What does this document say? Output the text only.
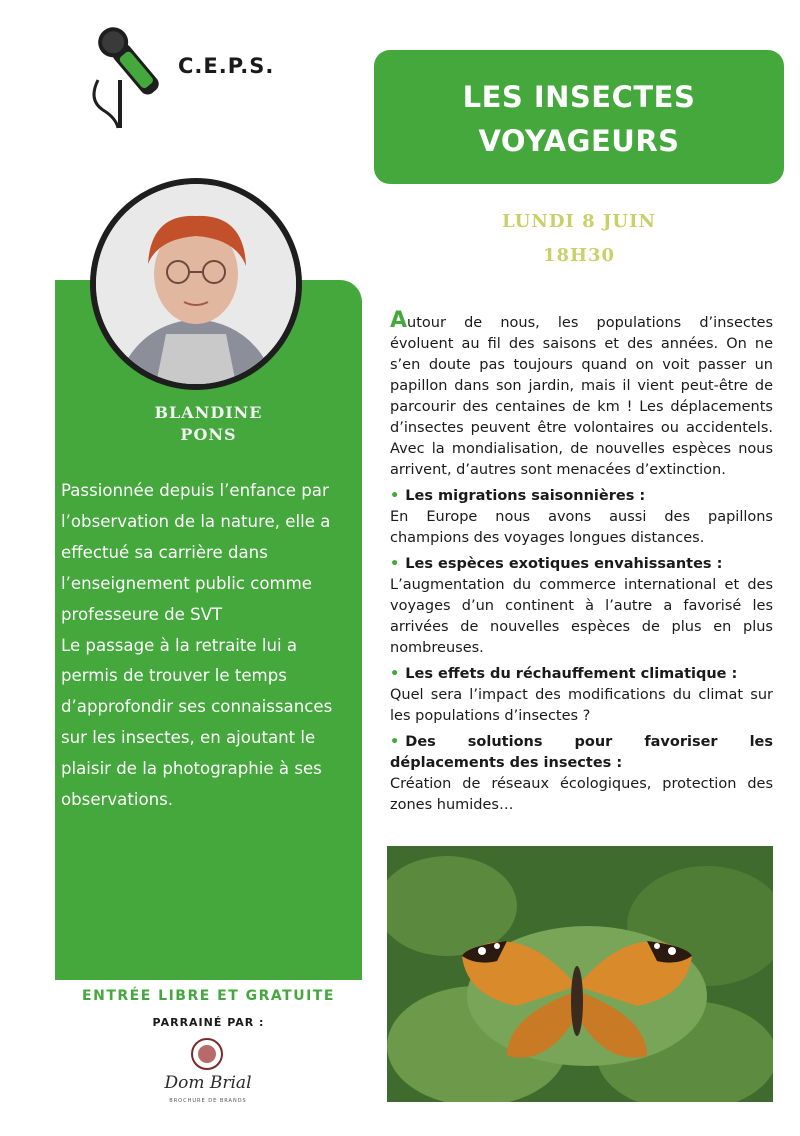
C.E.P.S.
LES INSECTES
VOYAGEURS
LUNDI 8 JUIN
18H30
BLANDINE
PONS

Passionnée depuis l’enfance par l’observation de la nature, elle a effectué sa carrière dans l’enseignement public comme professeure de SVT

Le passage à la retraite lui a permis de trouver le temps d’approfondir ses connaissances sur les insectes, en ajoutant le plaisir de la photographie à ses observations.

Autour de nous, les populations d’insectes évoluent au fil des saisons et des années. On ne s’en doute pas toujours quand on voit passer un papillon dans son jardin, mais il vient peut-être de parcourir des centaines de km ! Les déplacements d’insectes peuvent être volontaires ou accidentels. Avec la mondialisation, de nouvelles espèces nous arrivent, d’autres sont menacées d’extinction.

• Les migrations saisonnières :

En Europe nous avons aussi des papillons champions des voyages longues distances.

• Les espèces exotiques envahissantes :

L’augmentation du commerce international et des voyages d’un continent à l’autre a favorisé les arrivées de nouvelles espèces de plus en plus nombreuses.

• Les effets du réchauffement climatique :

Quel sera l’impact des modifications du climat sur les populations d’insectes ?

• Des solutions pour favoriser les déplacements des insectes :

Création de réseaux écologiques, protection des zones humides…

ENTRÉE LIBRE ET GRATUITE
PARRAINÉ PAR :
Dom Brial
BROCHURE DE BRANDS
